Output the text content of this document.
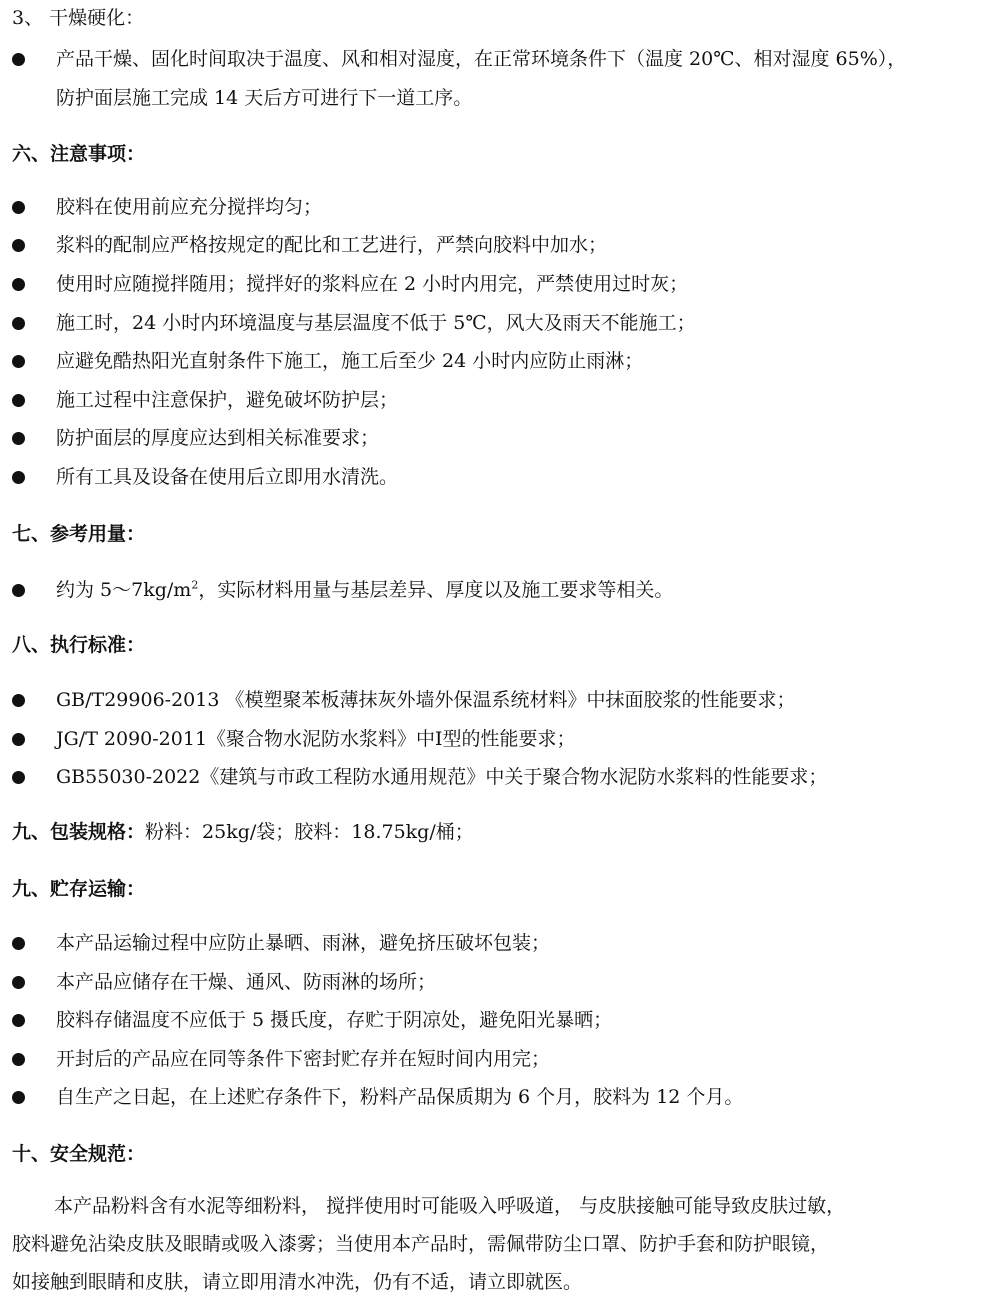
3、 干燥硬化：
产品干燥、固化时间取决于温度、风和相对湿度，在正常环境条件下（温度 20℃、相对湿度 65%），
防护面层施工完成 14 天后方可进行下一道工序。
六、注意事项：
胶料在使用前应充分搅拌均匀；
浆料的配制应严格按规定的配比和工艺进行，严禁向胶料中加水；
使用时应随搅拌随用；搅拌好的浆料应在 2 小时内用完，严禁使用过时灰；
施工时，24 小时内环境温度与基层温度不低于 5℃，风大及雨天不能施工；
应避免酷热阳光直射条件下施工，施工后至少 24 小时内应防止雨淋；
施工过程中注意保护，避免破坏防护层；
防护面层的厚度应达到相关标准要求；
所有工具及设备在使用后立即用水清洗。
七、参考用量：
约为 $5\sim 7kg/m^2$，实际材料用量与基层差异、厚度以及施工要求等相关。
八、执行标准：
GB/T29906-2013 《模塑聚苯板薄抹灰外墙外保温系统材料》中抹面胶浆的性能要求；
JG/T 2090-2011《聚合物水泥防水浆料》中Ⅰ型的性能要求；
GB55030-2022《建筑与市政工程防水通用规范》中关于聚合物水泥防水浆料的性能要求；
九、包装规格：粉料：25kg/袋；胶料：18.75kg/桶；
九、贮存运输：
本产品运输过程中应防止暴晒、雨淋，避免挤压破坏包装；
本产品应储存在干燥、通风、防雨淋的场所；
胶料存储温度不应低于 5 摄氏度，存贮于阴凉处，避免阳光暴晒；
开封后的产品应在同等条件下密封贮存并在短时间内用完；
自生产之日起，在上述贮存条件下，粉料产品保质期为 6 个月，胶料为 12 个月。
十、安全规范：
本产品粉料含有水泥等细粉料， 搅拌使用时可能吸入呼吸道， 与皮肤接触可能导致皮肤过敏，
胶料避免沾染皮肤及眼睛或吸入漆雾；当使用本产品时，需佩带防尘口罩、防护手套和防护眼镜，
如接触到眼睛和皮肤，请立即用清水冲洗，仍有不适，请立即就医。
